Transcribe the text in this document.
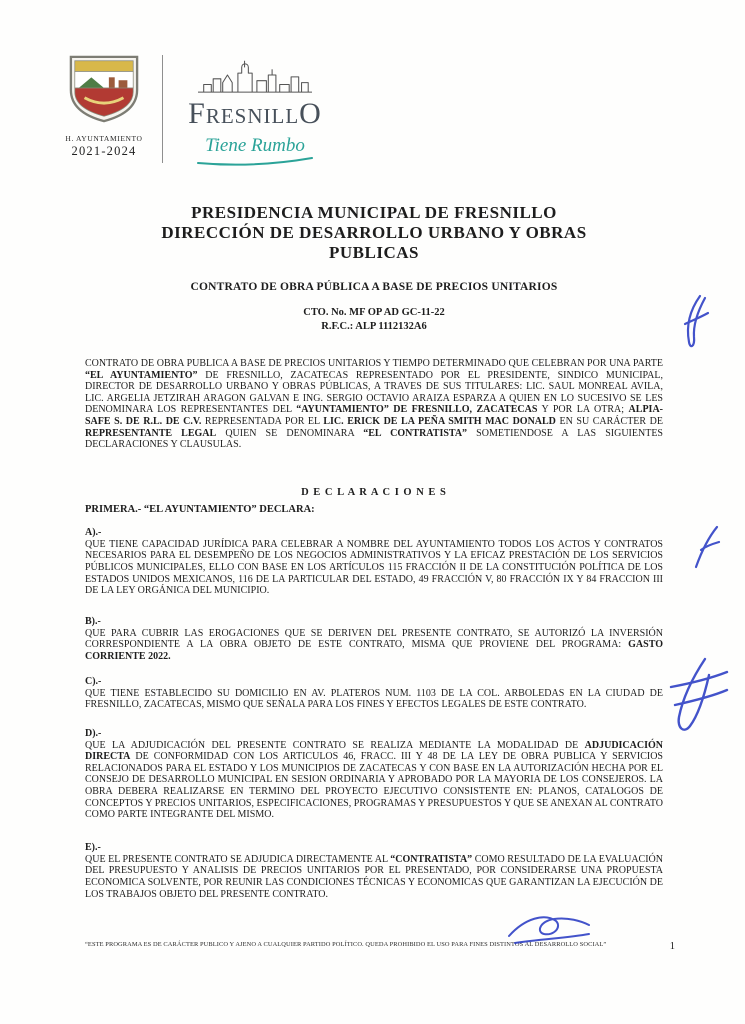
H. AYUNTAMIENTO
2021-2024
FRESNILLO
Tiene Rumbo
PRESIDENCIA MUNICIPAL DE FRESNILLO
DIRECCIÓN DE DESARROLLO URBANO Y OBRAS
PUBLICAS
CONTRATO DE OBRA PÚBLICA A BASE DE PRECIOS UNITARIOS
CTO. No. MF OP AD GC-11-22
R.F.C.: ALP 1112132A6

CONTRATO DE OBRA PUBLICA A BASE DE PRECIOS UNITARIOS Y TIEMPO DETERMINADO QUE CELEBRAN POR UNA PARTE “EL AYUNTAMIENTO” DE FRESNILLO, ZACATECAS REPRESENTADO POR EL PRESIDENTE, SINDICO MUNICIPAL, DIRECTOR DE DESARROLLO URBANO Y OBRAS PÚBLICAS, A TRAVES DE SUS TITULARES: LIC. SAUL MONREAL AVILA, LIC. ARGELIA JETZIRAH ARAGON GALVAN E ING. SERGIO OCTAVIO ARAIZA ESPARZA A QUIEN EN LO SUCESIVO SE LES DENOMINARA LOS REPRESENTANTES DEL “AYUNTAMIENTO” DE FRESNILLO, ZACATECAS Y POR LA OTRA; ALPIA-SAFE S. DE R.L. DE C.V. REPRESENTADA POR EL LIC. ERICK DE LA PEÑA SMITH MAC DONALD EN SU CARÁCTER DE REPRESENTANTE LEGAL QUIEN SE DENOMINARA “EL CONTRATISTA” SOMETIENDOSE A LAS SIGUIENTES DECLARACIONES Y CLAUSULAS.

D E C L A R A C I O N E S
PRIMERA.- “EL AYUNTAMIENTO” DECLARA:
A).-

QUE TIENE CAPACIDAD JURÍDICA PARA CELEBRAR A NOMBRE DEL AYUNTAMIENTO TODOS LOS ACTOS Y CONTRATOS NECESARIOS PARA EL DESEMPEÑO DE LOS NEGOCIOS ADMINISTRATIVOS Y LA EFICAZ PRESTACIÓN DE LOS SERVICIOS PÚBLICOS MUNICIPALES, ELLO CON BASE EN LOS ARTÍCULOS 115 FRACCIÓN II DE LA CONSTITUCIÓN POLÍTICA DE LOS ESTADOS UNIDOS MEXICANOS, 116 DE LA PARTICULAR DEL ESTADO, 49 FRACCIÓN V, 80 FRACCIÓN IX Y 84 FRACCION III DE LA LEY ORGÁNICA DEL MUNICIPIO.

B).-

QUE PARA CUBRIR LAS EROGACIONES QUE SE DERIVEN DEL PRESENTE CONTRATO, SE AUTORIZÓ LA INVERSIÓN CORRESPONDIENTE A LA OBRA OBJETO DE ESTE CONTRATO, MISMA QUE PROVIENE DEL PROGRAMA: GASTO CORRIENTE 2022.

C).-

QUE TIENE ESTABLECIDO SU DOMICILIO EN AV. PLATEROS NUM. 1103 DE LA COL. ARBOLEDAS EN LA CIUDAD DE FRESNILLO, ZACATECAS, MISMO QUE SEÑALA PARA LOS FINES Y EFECTOS LEGALES DE ESTE CONTRATO.

D).-

QUE LA ADJUDICACIÓN DEL PRESENTE CONTRATO SE REALIZA MEDIANTE LA MODALIDAD DE ADJUDICACIÓN DIRECTA DE CONFORMIDAD CON LOS ARTICULOS 46, FRACC. III Y 48 DE LA LEY DE OBRA PUBLICA Y SERVICIOS RELACIONADOS PARA EL ESTADO Y LOS MUNICIPIOS DE ZACATECAS Y CON BASE EN LA AUTORIZACIÓN HECHA POR EL CONSEJO DE DESARROLLO MUNICIPAL EN SESION ORDINARIA Y APROBADO POR LA MAYORIA DE LOS CONSEJEROS. LA OBRA DEBERA REALIZARSE EN TERMINO DEL PROYECTO EJECUTIVO CONSISTENTE EN: PLANOS, CATALOGOS DE CONCEPTOS Y PRECIOS UNITARIOS, ESPECIFICACIONES, PROGRAMAS Y PRESUPUESTOS Y QUE SE ANEXAN AL CONTRATO COMO PARTE INTEGRANTE DEL MISMO.

E).-

QUE EL PRESENTE CONTRATO SE ADJUDICA DIRECTAMENTE AL “CONTRATISTA” COMO RESULTADO DE LA EVALUACIÓN DEL PRESUPUESTO Y ANALISIS DE PRECIOS UNITARIOS POR EL PRESENTADO, POR CONSIDERARSE UNA PROPUESTA ECONOMICA SOLVENTE, POR REUNIR LAS CONDICIONES TÉCNICAS Y ECONOMICAS QUE GARANTIZAN LA EJECUCIÓN DE LOS TRABAJOS OBJETO DEL PRESENTE CONTRATO.

“ESTE PROGRAMA ES DE CARÁCTER PUBLICO Y AJENO A CUALQUIER PARTIDO POLÍTICO. QUEDA PROHIBIDO EL USO PARA FINES DISTINTOS AL DESARROLLO SOCIAL”	1
